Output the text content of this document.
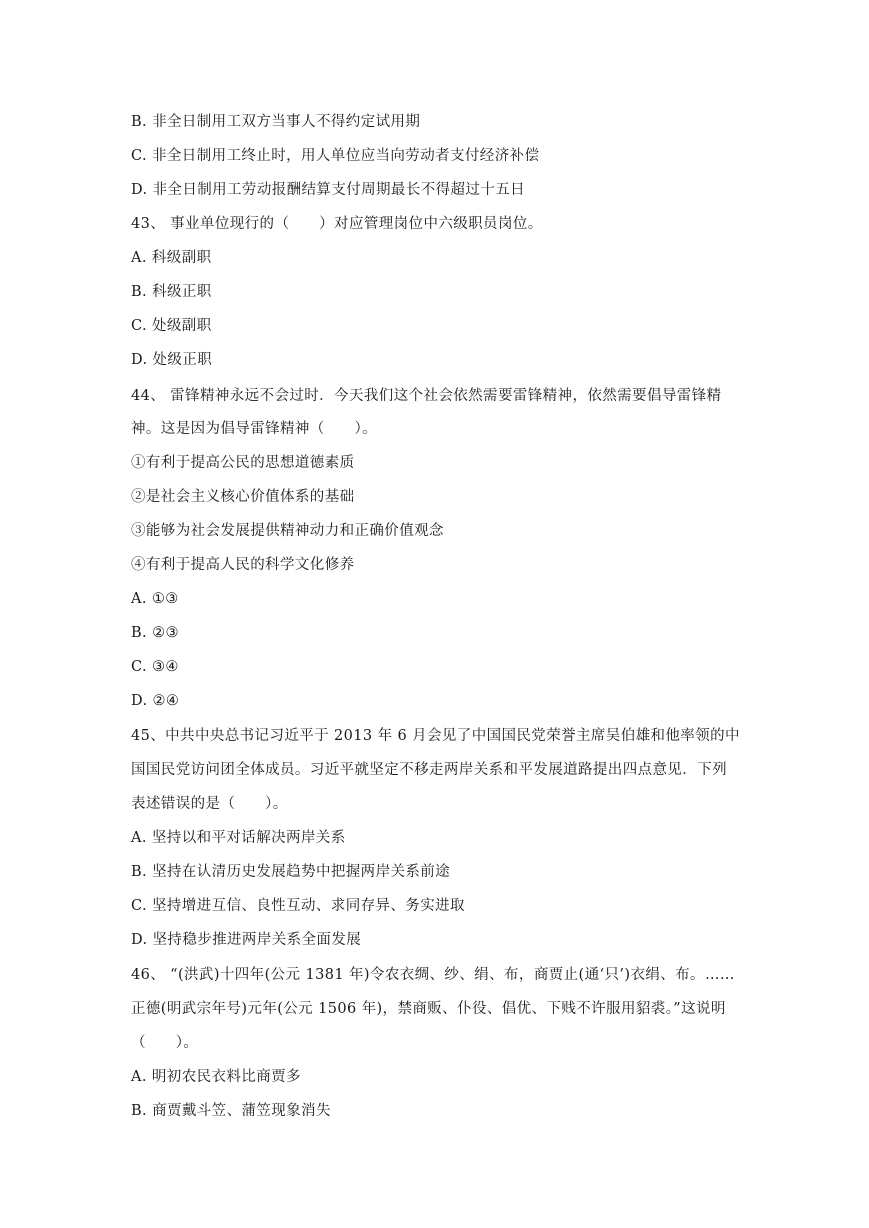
B. 非全日制用工双方当事人不得约定试用期
C. 非全日制用工终止时，用人单位应当向劳动者支付经济补偿
D. 非全日制用工劳动报酬结算支付周期最长不得超过十五日
43、 事业单位现行的（　　）对应管理岗位中六级职员岗位。
A. 科级副职
B. 科级正职
C. 处级副职
D. 处级正职
44、 雷锋精神永远不会过时．今天我们这个社会依然需要雷锋精神，依然需要倡导雷锋精
神。这是因为倡导雷锋精神（　　）。
①有利于提高公民的思想道德素质
②是社会主义核心价值体系的基础
③能够为社会发展提供精神动力和正确价值观念
④有利于提高人民的科学文化修养
A. ①③
B. ②③
C. ③④
D. ②④
45、中共中央总书记习近平于 2013 年 6 月会见了中国国民党荣誉主席吴伯雄和他率领的中
国国民党访问团全体成员。习近平就坚定不移走两岸关系和平发展道路提出四点意见．下列
表述错误的是（　　）。
A. 坚持以和平对话解决两岸关系
B. 坚持在认清历史发展趋势中把握两岸关系前途
C. 坚持增进互信、良性互动、求同存异、务实进取
D. 坚持稳步推进两岸关系全面发展
46、 “(洪武)十四年(公元 1381 年)令农衣绸、纱、绢、布，商贾止(通‘只’)衣绢、布。……
正德(明武宗年号)元年(公元 1506 年)，禁商贩、仆役、倡优、下贱不许服用貂裘。”这说明
（　　）。
A. 明初农民衣料比商贾多
B. 商贾戴斗笠、蒲笠现象消失
